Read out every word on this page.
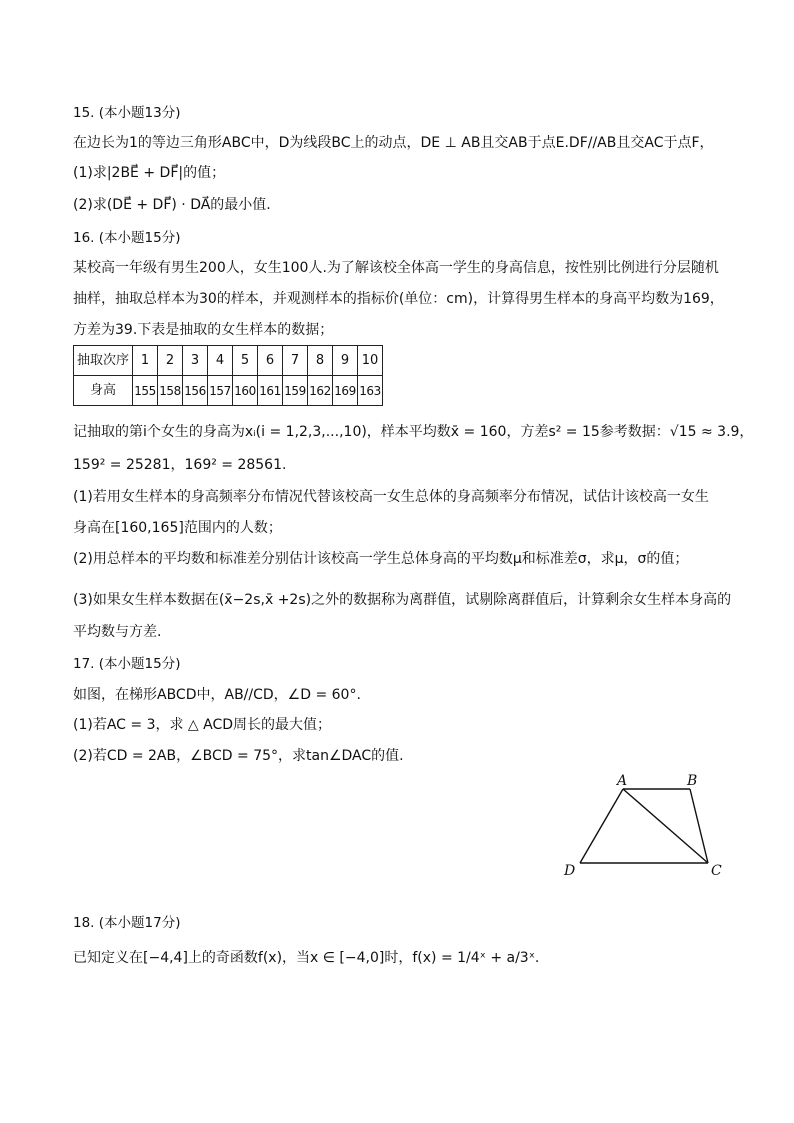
15. (本小题13分)
在边长为1的等边三角形ABC中，D为线段BC上的动点，DE ⊥ AB且交AB于点E.DF//AB且交AC于点F，
(1)求|2BE⃗ + DF⃗|的值；
(2)求(DE⃗ + DF⃗) · DA⃗的最小值.
16. (本小题15分)
某校高一年级有男生200人，女生100人.为了解该校全体高一学生的身高信息，按性别比例进行分层随机
抽样，抽取总样本为30的样本，并观测样本的指标价(单位：cm)，计算得男生样本的身高平均数为169，
方差为39.下表是抽取的女生样本的数据；
抽取次序	1	2	3	4	5	6	7	8	9	10
身高	155	158	156	157	160	161	159	162	169	163
记抽取的第i个女生的身高为xᵢ(i = 1,2,3,...,10)，样本平均数x̄ = 160，方差s² = 15参考数据：√15 ≈ 3.9，
159² = 25281，169² = 28561.
(1)若用女生样本的身高频率分布情况代替该校高一女生总体的身高频率分布情况，试估计该校高一女生
身高在[160,165]范围内的人数；
(2)用总样本的平均数和标准差分别估计该校高一学生总体身高的平均数μ和标准差σ，求μ，σ的值；
(3)如果女生样本数据在(x̄−2s,x̄ +2s)之外的数据称为离群值，试剔除离群值后，计算剩余女生样本身高的
平均数与方差.
17. (本小题15分)
如图，在梯形ABCD中，AB//CD，∠D = 60°.
(1)若AC = 3，求 △ ACD周长的最大值；
(2)若CD = 2AB，∠BCD = 75°，求tan∠DAC的值.
A	B
C
D
18. (本小题17分)
已知定义在[−4,4]上的奇函数f(x)，当x ∈ [−4,0]时，f(x) = 1/4ˣ + a/3ˣ.
